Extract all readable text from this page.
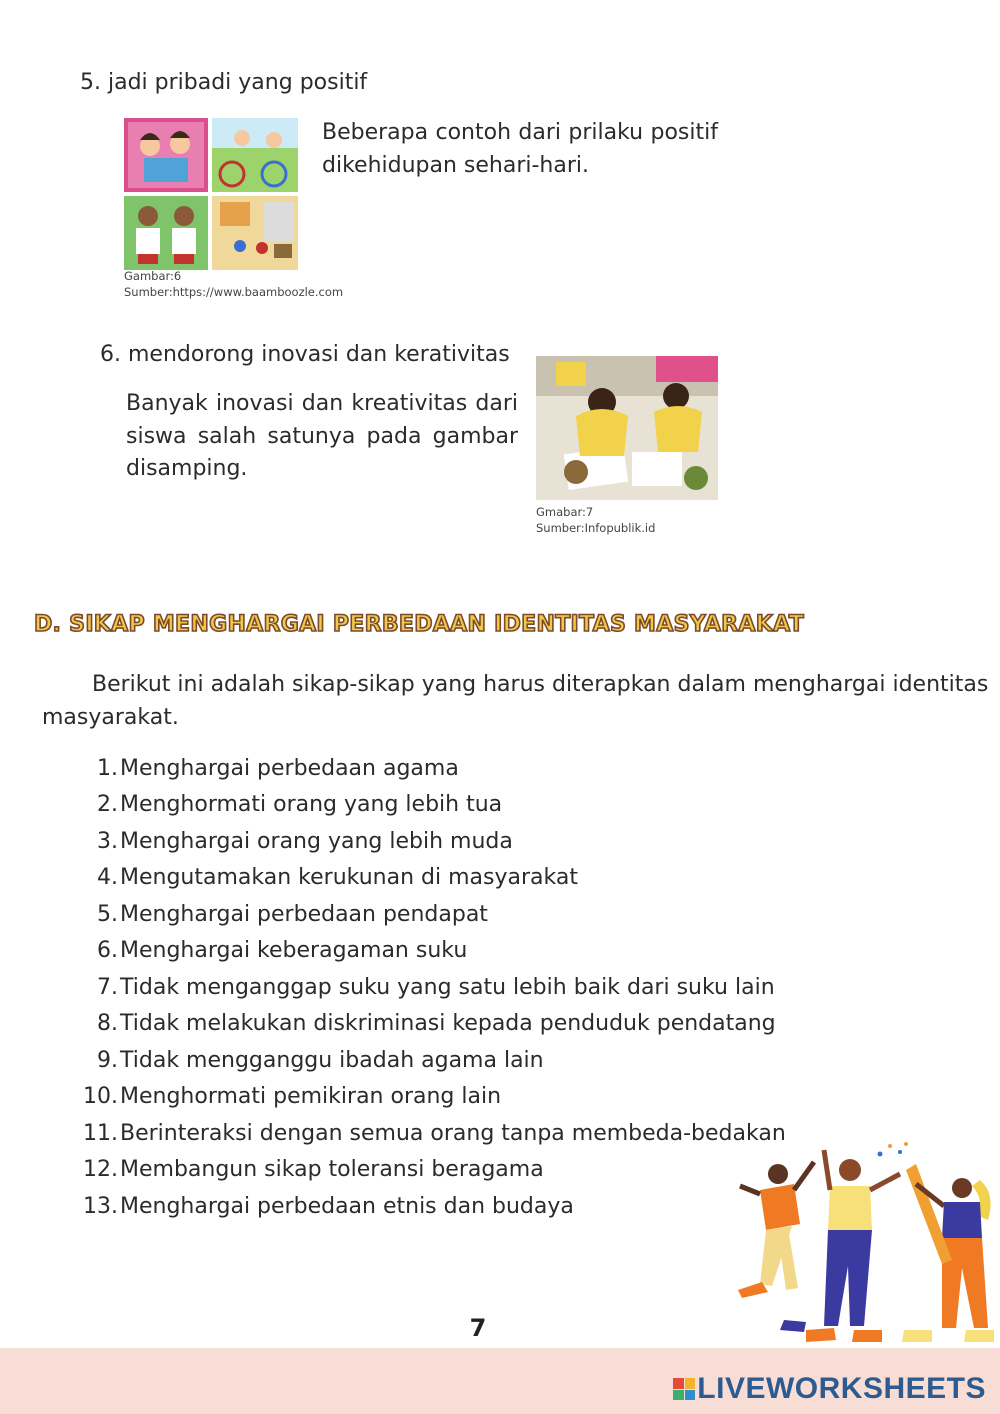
5. jadi pribadi yang positif
Beberapa contoh dari prilaku positif dikehidupan sehari-hari.
Gambar:6
Sumber:https://www.baamboozle.com
6. mendorong inovasi dan kerativitas
Banyak inovasi dan kreativitas dari siswa salah satunya pada gambar disamping.
Gmabar:7
Sumber:Infopublik.id
D. SIKAP MENGHARGAI PERBEDAAN IDENTITAS MASYARAKAT
Berikut ini adalah sikap-sikap yang harus diterapkan dalam menghargai identitas masyarakat.
1. Menghargai perbedaan agama
2. Menghormati orang yang lebih tua
3. Menghargai orang yang lebih muda
4. Mengutamakan kerukunan di masyarakat
5. Menghargai perbedaan pendapat
6. Menghargai keberagaman suku
7. Tidak menganggap suku yang satu lebih baik dari suku lain
8. Tidak melakukan diskriminasi kepada penduduk pendatang
9. Tidak mengganggu ibadah agama lain
10. Menghormati pemikiran orang lain
11. Berinteraksi dengan semua orang tanpa membeda-bedakan
12. Membangun sikap toleransi beragama
13. Menghargai perbedaan etnis dan budaya
7
LIVEWORKSHEETS
